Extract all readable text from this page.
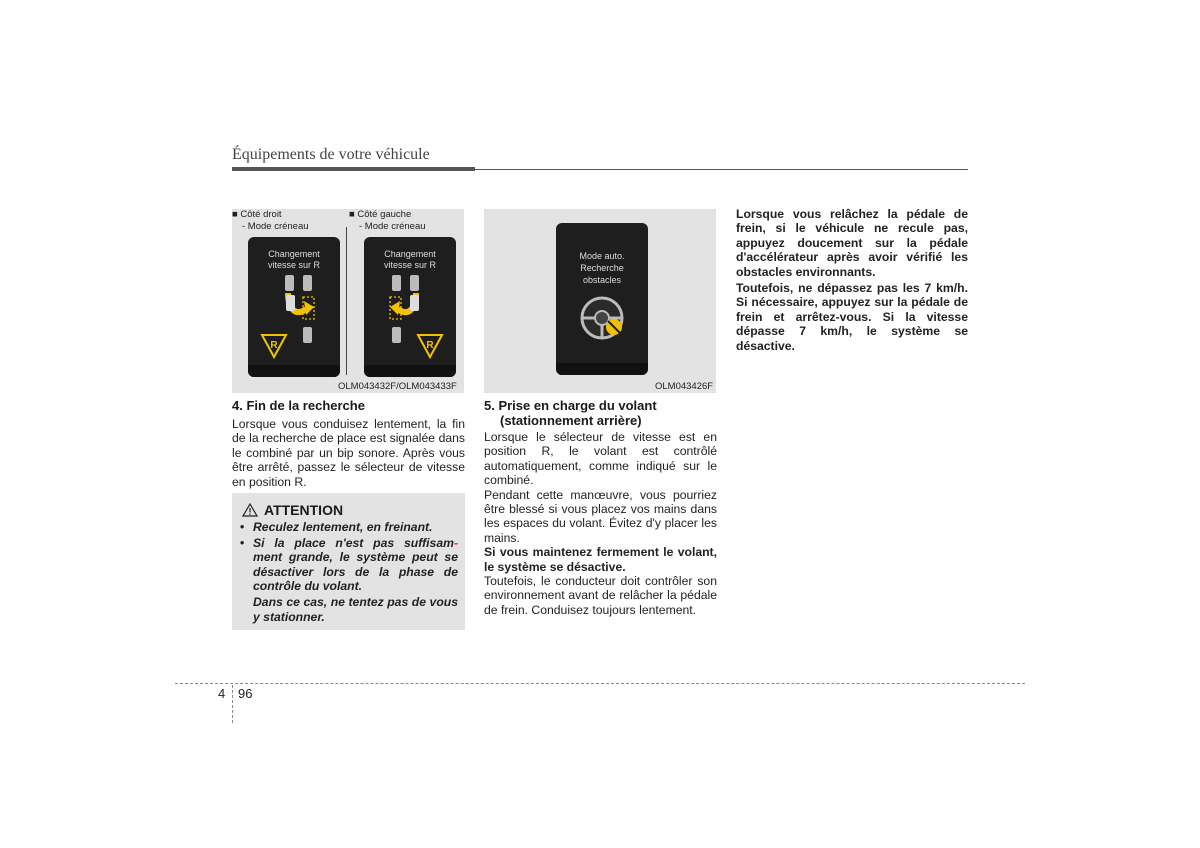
Équipements de votre véhicule
■ Côté droit
- Mode créneau
■ Côté gauche
- Mode créneau
Changement
vitesse sur R
R
Changement
vitesse sur R
R
OLM043432F/OLM043433F
Mode auto.
Recherche
obstacles
OLM043426F
4. Fin de la recherche

Lorsque vous conduisez lentement, la fin de la recherche de place est signalée dans le combiné par un bip sonore. Après vous être arrêté, passez le sélecteur de vitesse en position R.

ATTENTION

• Reculez lentement, en freinant.

• Si la place n'est pas suffisam- ment grande, le système peut se désactiver lors de la phase de contrôle du volant.

Dans ce cas, ne tentez pas de vous y stationner.

5. Prise en charge du volant
(stationnement arrière)

Lorsque le sélecteur de vitesse est en position R, le volant est contrôlé automatiquement, comme indiqué sur le combiné.

Pendant cette manœuvre, vous pourriez être blessé si vous placez vos mains dans les espaces du volant. Évitez d'y placer les mains.

Si vous maintenez fermement le volant, le système se désactive.

Toutefois, le conducteur doit contrôler son environnement avant de relâcher la pédale de frein. Conduisez toujours lentement.

Lorsque vous relâchez la pédale de frein, si le véhicule ne recule pas, appuyez doucement sur la pédale d'accélérateur après avoir vérifié les obstacles environnants.

Toutefois, ne dépassez pas les 7 km/h. Si nécessaire, appuyez sur la pédale de frein et arrêtez-vous. Si la vitesse dépasse 7 km/h, le système se désactive.

4 96
